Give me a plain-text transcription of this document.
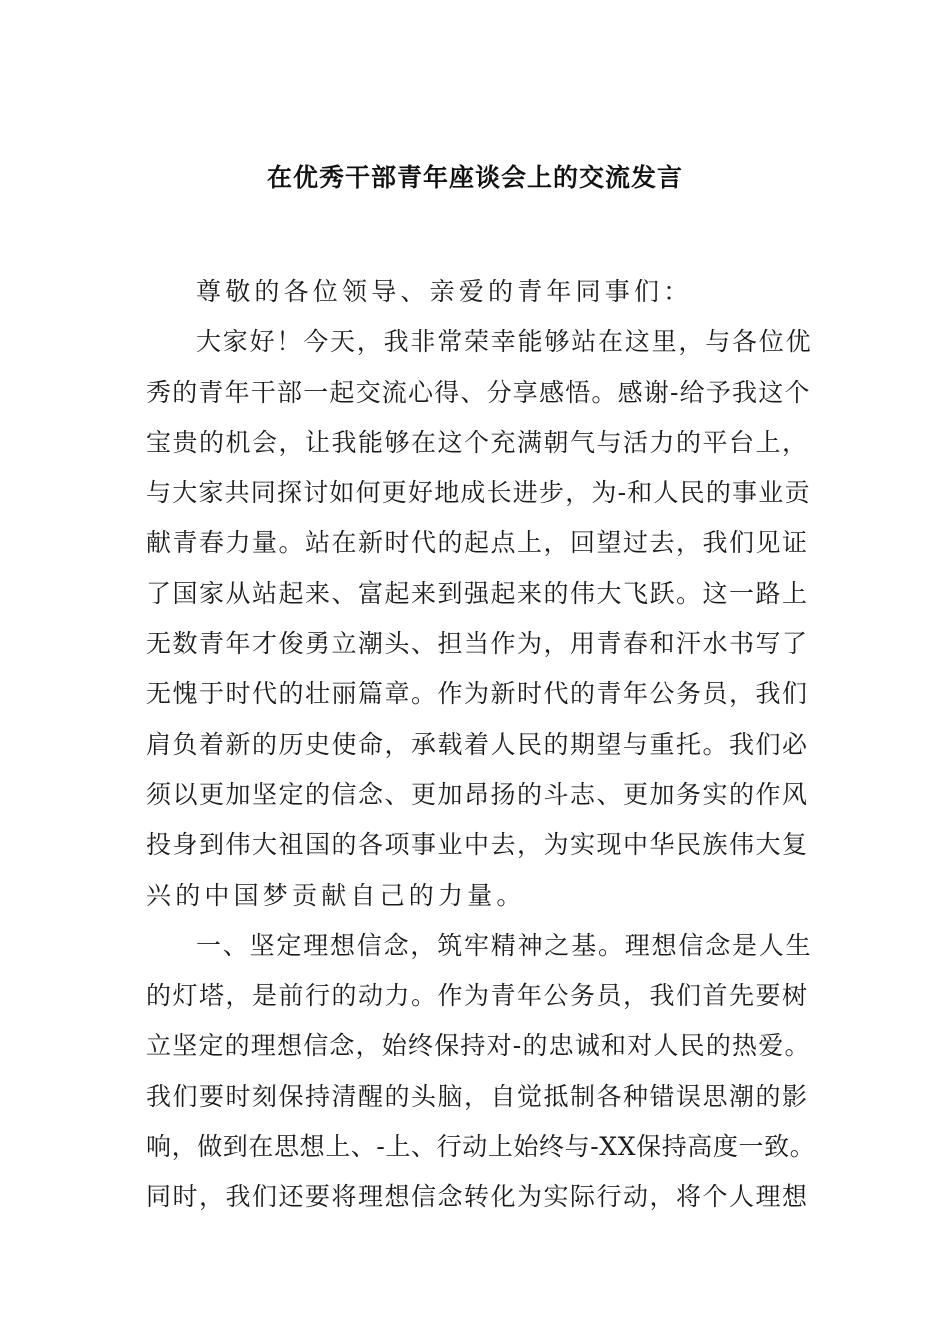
在优秀干部青年座谈会上的交流发言
尊敬的各位领导、亲爱的青年同事们：
大家好！今天，我非常荣幸能够站在这里，与各位优
秀的青年干部一起交流心得、分享感悟。感谢-给予我这个
宝贵的机会，让我能够在这个充满朝气与活力的平台上，
与大家共同探讨如何更好地成长进步，为-和人民的事业贡
献青春力量。站在新时代的起点上，回望过去，我们见证
了国家从站起来、富起来到强起来的伟大飞跃。这一路上
无数青年才俊勇立潮头、担当作为，用青春和汗水书写了
无愧于时代的壮丽篇章。作为新时代的青年公务员，我们
肩负着新的历史使命，承载着人民的期望与重托。我们必
须以更加坚定的信念、更加昂扬的斗志、更加务实的作风
投身到伟大祖国的各项事业中去，为实现中华民族伟大复
兴的中国梦贡献自己的力量。
一、坚定理想信念，筑牢精神之基。理想信念是人生
的灯塔，是前行的动力。作为青年公务员，我们首先要树
立坚定的理想信念，始终保持对-的忠诚和对人民的热爱。
我们要时刻保持清醒的头脑，自觉抵制各种错误思潮的影
响，做到在思想上、-上、行动上始终与-XX保持高度一致。
同时，我们还要将理想信念转化为实际行动，将个人理想
